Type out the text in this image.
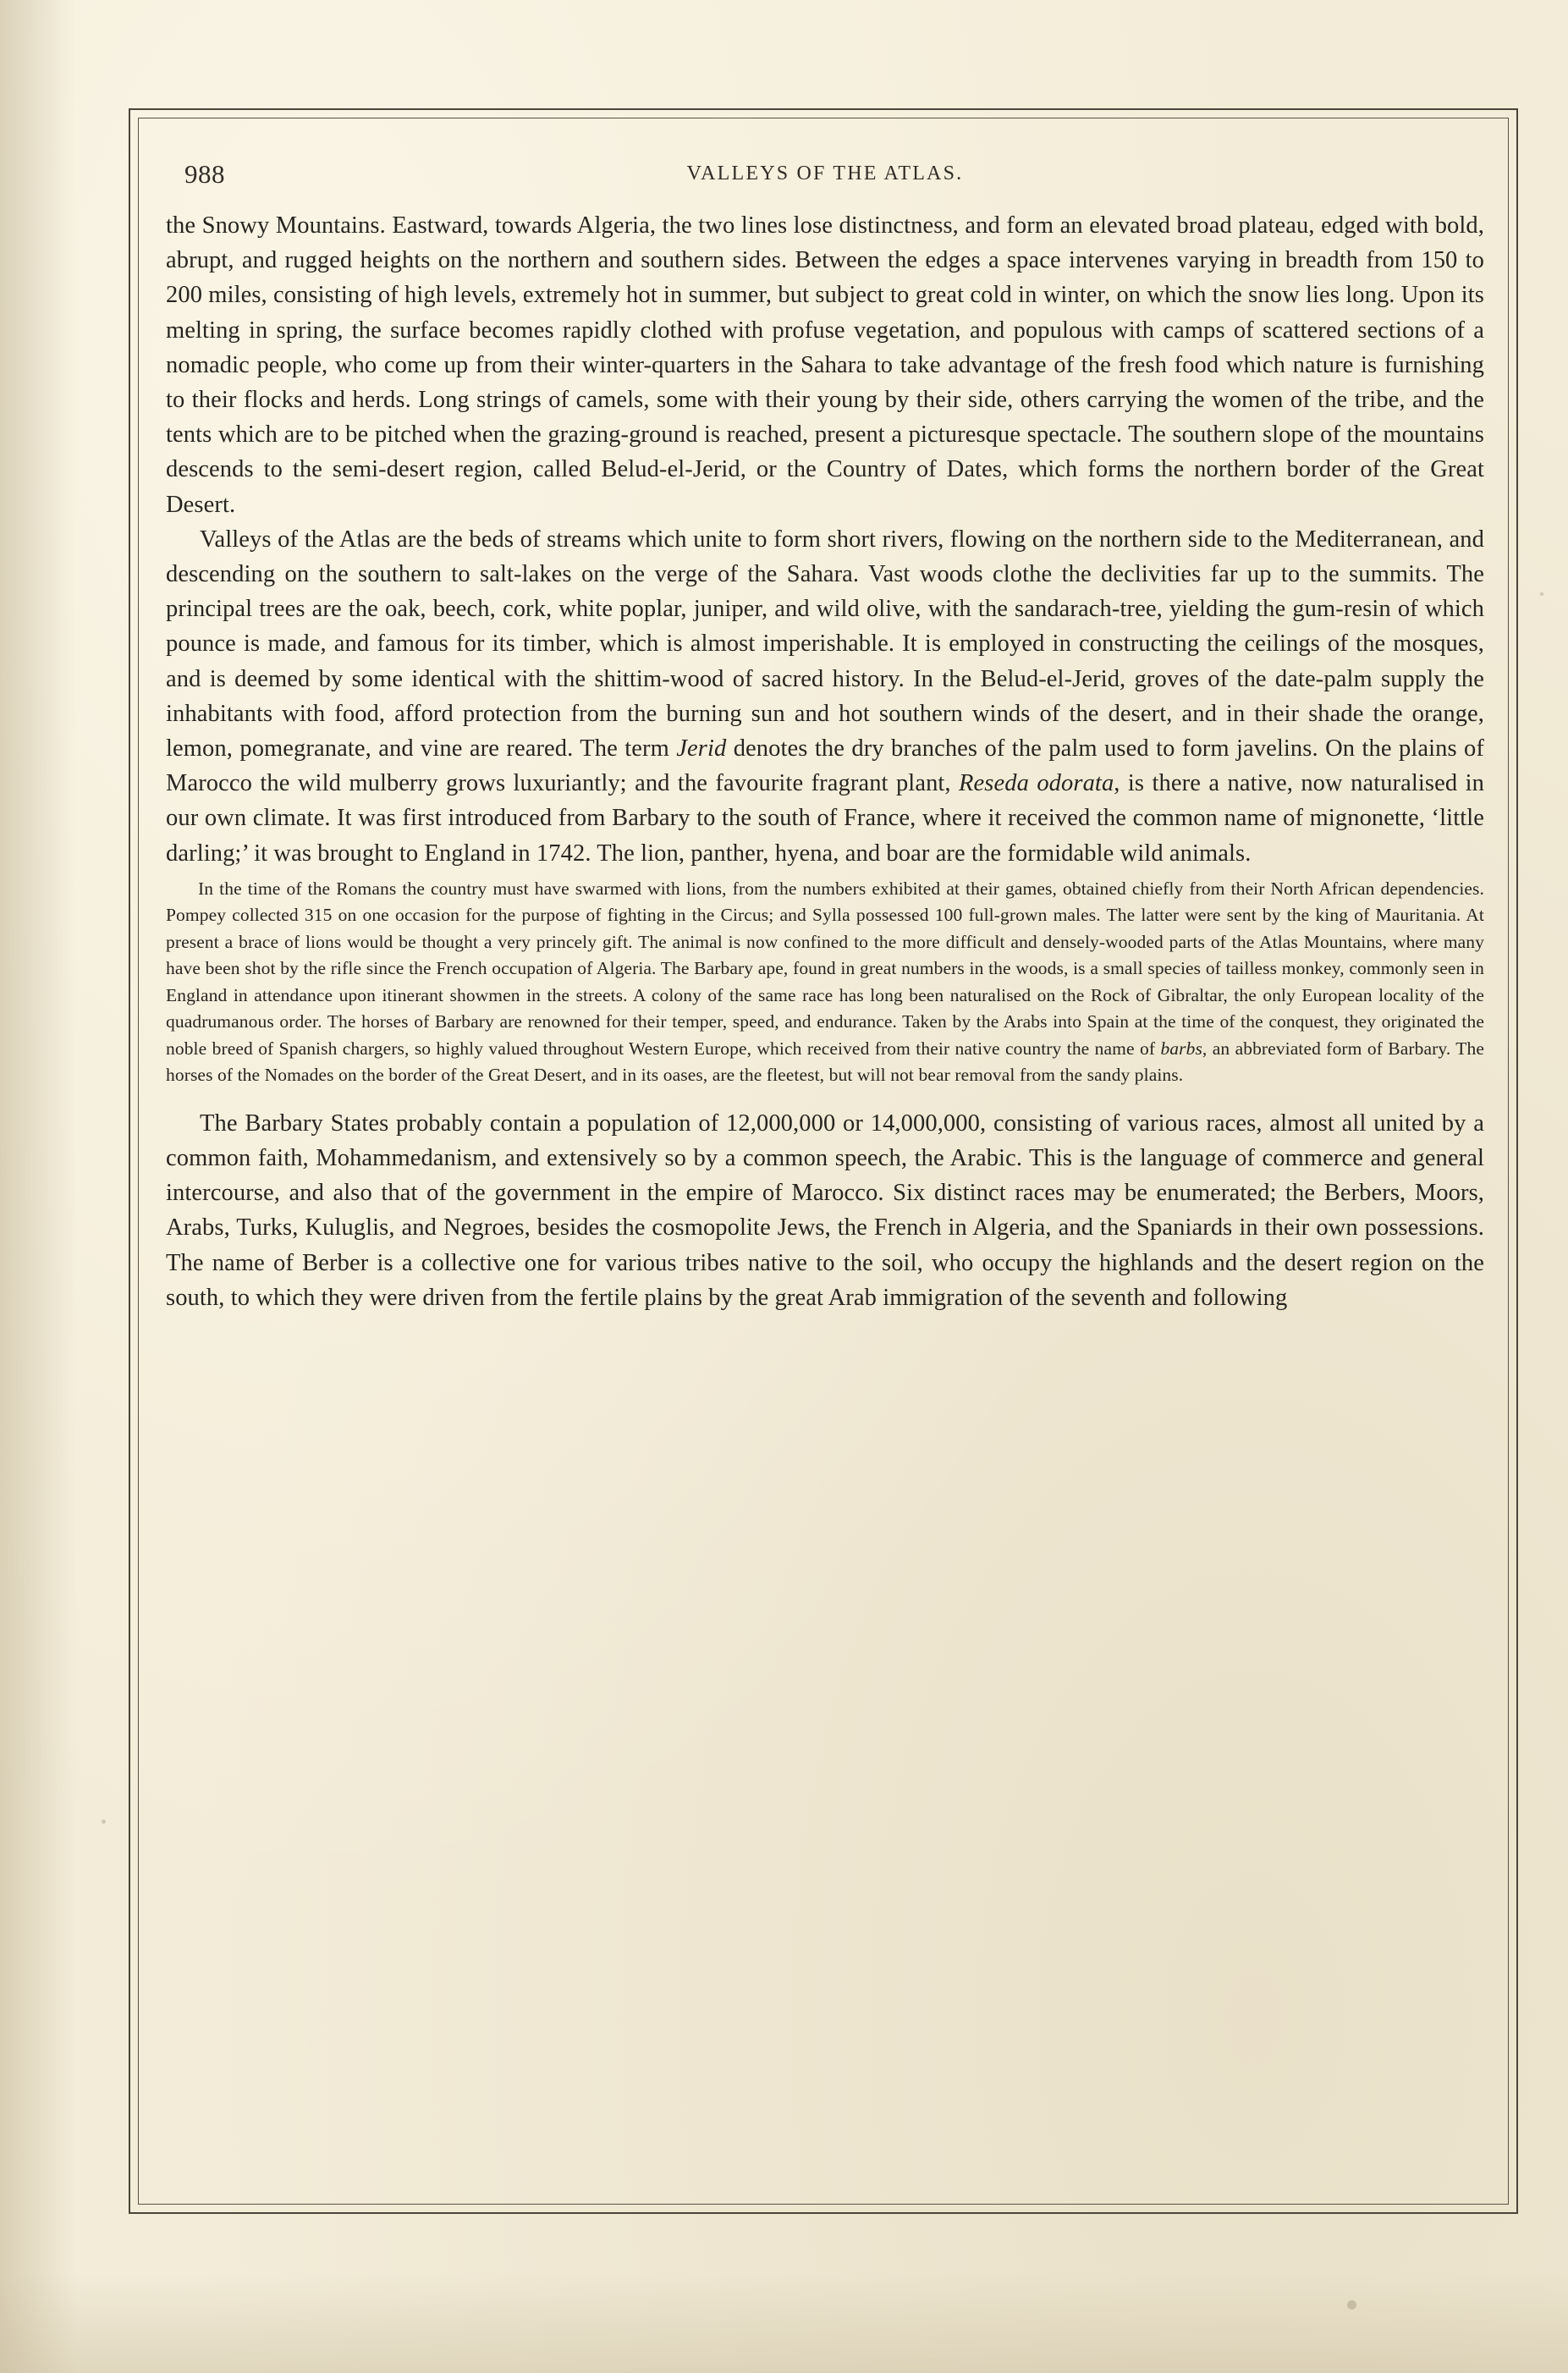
988	VALLEYS OF THE ATLAS.

the Snowy Mountains. Eastward, towards Algeria, the two lines lose distinctness, and form an elevated broad plateau, edged with bold, abrupt, and rugged heights on the northern and southern sides. Between the edges a space intervenes varying in breadth from 150 to 200 miles, consisting of high levels, extremely hot in summer, but subject to great cold in winter, on which the snow lies long. Upon its melting in spring, the surface becomes rapidly clothed with profuse vegetation, and populous with camps of scattered sections of a nomadic people, who come up from their winter-quarters in the Sahara to take advantage of the fresh food which nature is furnishing to their flocks and herds. Long strings of camels, some with their young by their side, others carrying the women of the tribe, and the tents which are to be pitched when the grazing-ground is reached, present a picturesque spectacle. The southern slope of the mountains descends to the semi-desert region, called Belud-el-Jerid, or the Country of Dates, which forms the northern border of the Great Desert.

Valleys of the Atlas are the beds of streams which unite to form short rivers, flowing on the northern side to the Mediterranean, and descending on the southern to salt-lakes on the verge of the Sahara. Vast woods clothe the declivities far up to the summits. The principal trees are the oak, beech, cork, white poplar, juniper, and wild olive, with the sandarach-tree, yielding the gum-resin of which pounce is made, and famous for its timber, which is almost imperishable. It is employed in constructing the ceilings of the mosques, and is deemed by some identical with the shittim-wood of sacred history. In the Belud-el-Jerid, groves of the date-palm supply the inhabitants with food, afford protection from the burning sun and hot southern winds of the desert, and in their shade the orange, lemon, pomegranate, and vine are reared. The term Jerid denotes the dry branches of the palm used to form javelins. On the plains of Marocco the wild mulberry grows luxuriantly; and the favourite fragrant plant, Reseda odorata, is there a native, now naturalised in our own climate. It was first introduced from Barbary to the south of France, where it received the common name of mignonette, ‘little darling;’ it was brought to England in 1742. The lion, panther, hyena, and boar are the formidable wild animals.

In the time of the Romans the country must have swarmed with lions, from the numbers exhibited at their games, obtained chiefly from their North African dependencies. Pompey collected 315 on one occasion for the purpose of fighting in the Circus; and Sylla possessed 100 full-grown males. The latter were sent by the king of Mauritania. At present a brace of lions would be thought a very princely gift. The animal is now confined to the more difficult and densely-wooded parts of the Atlas Mountains, where many have been shot by the rifle since the French occupation of Algeria. The Barbary ape, found in great numbers in the woods, is a small species of tailless monkey, commonly seen in England in attendance upon itinerant showmen in the streets. A colony of the same race has long been naturalised on the Rock of Gibraltar, the only European locality of the quadrumanous order. The horses of Barbary are renowned for their temper, speed, and endurance. Taken by the Arabs into Spain at the time of the conquest, they originated the noble breed of Spanish chargers, so highly valued throughout Western Europe, which received from their native country the name of barbs, an abbreviated form of Barbary. The horses of the Nomades on the border of the Great Desert, and in its oases, are the fleetest, but will not bear removal from the sandy plains.

The Barbary States probably contain a population of 12,000,000 or 14,000,000, consisting of various races, almost all united by a common faith, Mohammedanism, and extensively so by a common speech, the Arabic. This is the language of commerce and general intercourse, and also that of the government in the empire of Marocco. Six distinct races may be enumerated; the Berbers, Moors, Arabs, Turks, Kuluglis, and Negroes, besides the cosmopolite Jews, the French in Algeria, and the Spaniards in their own possessions. The name of Berber is a collective one for various tribes native to the soil, who occupy the highlands and the desert region on the south, to which they were driven from the fertile plains by the great Arab immigration of the seventh and following
